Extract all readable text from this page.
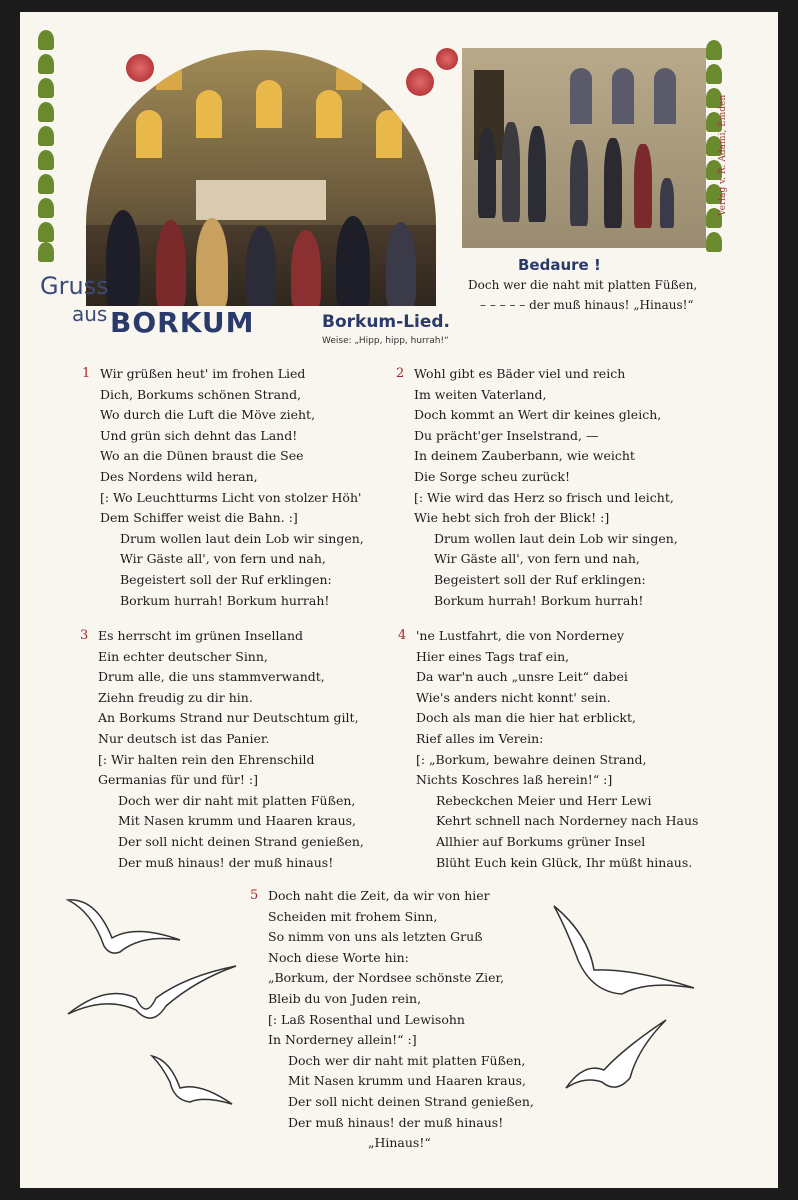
Verlag v. R. Adami, Emden
Gruss
aus BORKUM	Borkum-Lied.
Weise: „Hipp, hipp, hurrah!“
Bedaure !
Doch wer die naht mit platten Füßen,
– – – – – der muß hinaus! „Hinaus!“
1 Wir grüßen heut' im frohen Lied
Dich, Borkums schönen Strand,
Wo durch die Luft die Möve zieht,
Und grün sich dehnt das Land!
Wo an die Dünen braust die See
Des Nordens wild heran,
[: Wo Leuchtturms Licht von stolzer Höh'
Dem Schiffer weist die Bahn. :]
Drum wollen laut dein Lob wir singen,
Wir Gäste all', von fern und nah,
Begeistert soll der Ruf erklingen:
Borkum hurrah! Borkum hurrah!
2 Wohl gibt es Bäder viel und reich
Im weiten Vaterland,
Doch kommt an Wert dir keines gleich,
Du prächt'ger Inselstrand, —
In deinem Zauberbann, wie weicht
Die Sorge scheu zurück!
[: Wie wird das Herz so frisch und leicht,
Wie hebt sich froh der Blick! :]
Drum wollen laut dein Lob wir singen,
Wir Gäste all', von fern und nah,
Begeistert soll der Ruf erklingen:
Borkum hurrah! Borkum hurrah!
3 Es herrscht im grünen Inselland
Ein echter deutscher Sinn,
Drum alle, die uns stammverwandt,
Ziehn freudig zu dir hin.
An Borkums Strand nur Deutschtum gilt,
Nur deutsch ist das Panier.
[: Wir halten rein den Ehrenschild
Germanias für und für! :]
Doch wer dir naht mit platten Füßen,
Mit Nasen krumm und Haaren kraus,
Der soll nicht deinen Strand genießen,
Der muß hinaus! der muß hinaus!
4 'ne Lustfahrt, die von Norderney
Hier eines Tags traf ein,
Da war'n auch „unsre Leit“ dabei
Wie's anders nicht konnt' sein.
Doch als man die hier hat erblickt,
Rief alles im Verein:
[: „Borkum, bewahre deinen Strand,
Nichts Koschres laß herein!“ :]
Rebeckchen Meier und Herr Lewi
Kehrt schnell nach Norderney nach Haus
Allhier auf Borkums grüner Insel
Blüht Euch kein Glück, Ihr müßt hinaus.
5 Doch naht die Zeit, da wir von hier
Scheiden mit frohem Sinn,
So nimm von uns als letzten Gruß
Noch diese Worte hin:
„Borkum, der Nordsee schönste Zier,
Bleib du von Juden rein,
[: Laß Rosenthal und Lewisohn
In Norderney allein!“ :]
Doch wer dir naht mit platten Füßen,
Mit Nasen krumm und Haaren kraus,
Der soll nicht deinen Strand genießen,
Der muß hinaus! der muß hinaus!
„Hinaus!“
